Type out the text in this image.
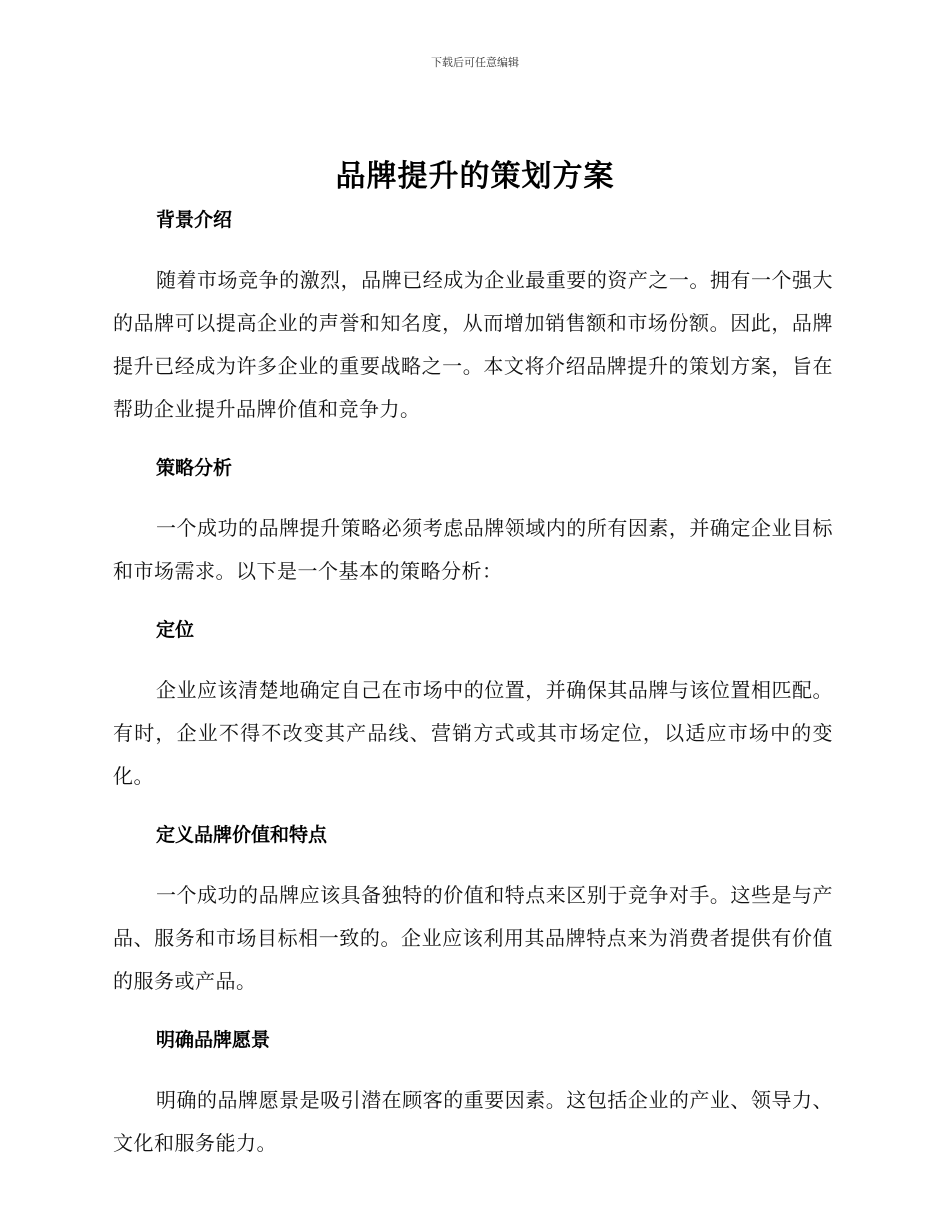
下载后可任意编辑
品牌提升的策划方案
背景介绍

随着市场竞争的激烈，品牌已经成为企业最重要的资产之一。拥有一个强大的品牌可以提高企业的声誉和知名度，从而增加销售额和市场份额。因此，品牌提升已经成为许多企业的重要战略之一。本文将介绍品牌提升的策划方案，旨在帮助企业提升品牌价值和竞争力。

策略分析

一个成功的品牌提升策略必须考虑品牌领域内的所有因素，并确定企业目标和市场需求。以下是一个基本的策略分析：

定位

企业应该清楚地确定自己在市场中的位置，并确保其品牌与该位置相匹配。有时，企业不得不改变其产品线、营销方式或其市场定位，以适应市场中的变化。

定义品牌价值和特点

一个成功的品牌应该具备独特的价值和特点来区别于竞争对手。这些是与产品、服务和市场目标相一致的。企业应该利用其品牌特点来为消费者提供有价值的服务或产品。

明确品牌愿景

明确的品牌愿景是吸引潜在顾客的重要因素。这包括企业的产业、领导力、文化和服务能力。
